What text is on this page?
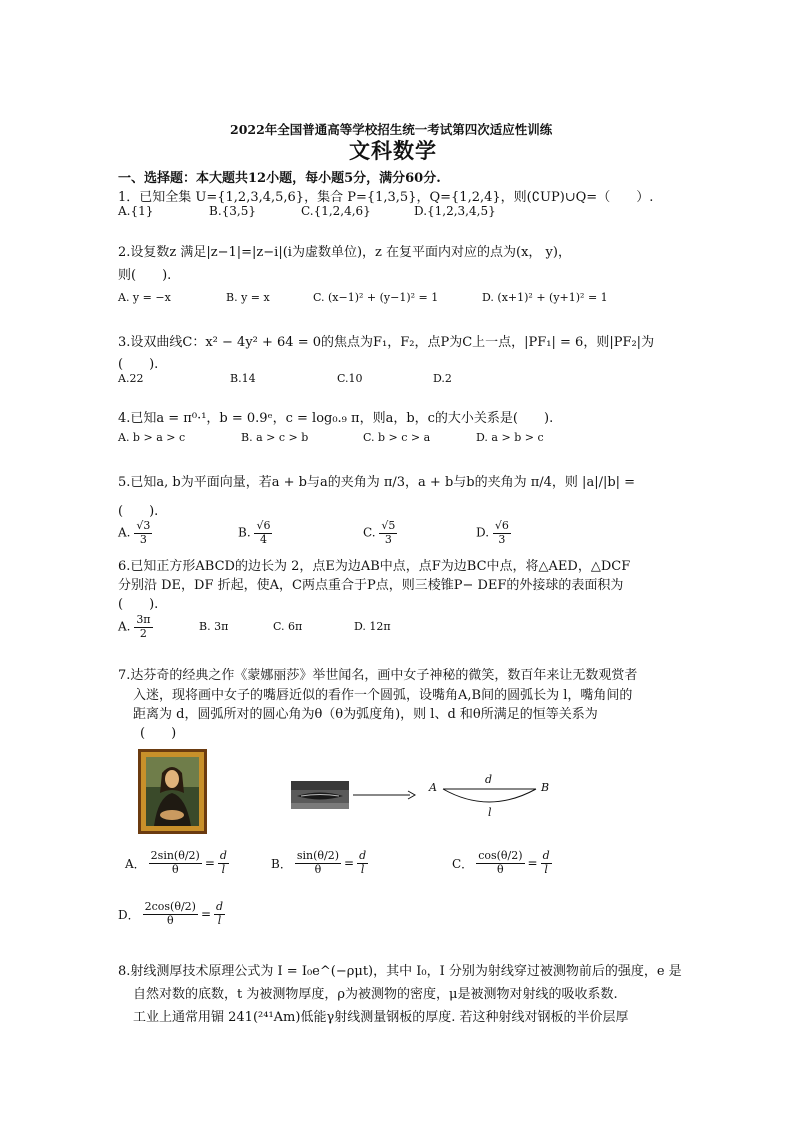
2022年全国普通高等学校招生统一考试第四次适应性训练
文科数学
一、选择题：本大题共12小题，每小题5分，满分60分.
1．已知全集 U={1,2,3,4,5,6}，集合 P={1,3,5}，Q={1,2,4}，则(∁UP)∪Q=（　　）.
A.{1}	B.{3,5}	C.{1,2,4,6}	D.{1,2,3,4,5}
2.设复数z 满足|z−1|=|z−i|(i为虚数单位)，z 在复平面内对应的点为(x， y)，
则(　　).
A. y = −x	B. y = x	C. (x−1)² + (y−1)² = 1	D. (x+1)² + (y+1)² = 1
3.设双曲线C：x² − 4y² + 64 = 0的焦点为F₁，F₂，点P为C上一点，|PF₁| = 6，则|PF₂|为
(　　).
A.22	B.14	C.10	D.2
4.已知a = π⁰·¹，b = 0.9ᵉ，c = log₀.₉ π，则a，b，c的大小关系是(　　).
A. b > a > c	B. a > c > b	C. b > c > a	D. a > b > c
5.已知a, b为平面向量，若a + b与a的夹角为 π/3，a + b与b的夹角为 π/4，则 |a|/|b| =
(　　).
A. $\frac{√3}{3}$	B. $\frac{√6}{4}$	C. $\frac{√5}{3}$	D. $\frac{√6}{3}$
6.已知正方形ABCD的边长为 2，点E为边AB中点，点F为边BC中点，将△AED，△DCF
分别沿 DE，DF 折起，使A，C两点重合于P点，则三棱锥P− DEF的外接球的表面积为
(　　).
A. $\frac{3\pi}{2}$	B. 3π	C. 6π	D. 12π
7.达芬奇的经典之作《蒙娜丽莎》举世闻名，画中女子神秘的微笑，数百年来让无数观赏者
入迷，现将画中女子的嘴唇近似的看作一个圆弧，设嘴角A,B间的圆弧长为 l，嘴角间的
距离为 d，圆弧所对的圆心角为θ（θ为弧度角)，则 l、d 和θ所满足的恒等关系为
(　　)
A	B
d
l
A． $\frac{2\sin(\theta/2)}{\theta} = \frac{d}{l}$	B． $\frac{\sin(\theta/2)}{\theta} = \frac{d}{l}$	C． $\frac{\cos(\theta/2)}{\theta} = \frac{d}{l}$
D． $\frac{2\cos(\theta/2)}{\theta} = \frac{d}{l}$
8.射线测厚技术原理公式为 I = I₀e^(−ρμt)，其中 I₀，I 分别为射线穿过被测物前后的强度，e 是
自然对数的底数，t 为被测物厚度，ρ为被测物的密度，μ是被测物对射线的吸收系数.
工业上通常用镅 241(²⁴¹Am)低能γ射线测量钢板的厚度. 若这种射线对钢板的半价层厚
